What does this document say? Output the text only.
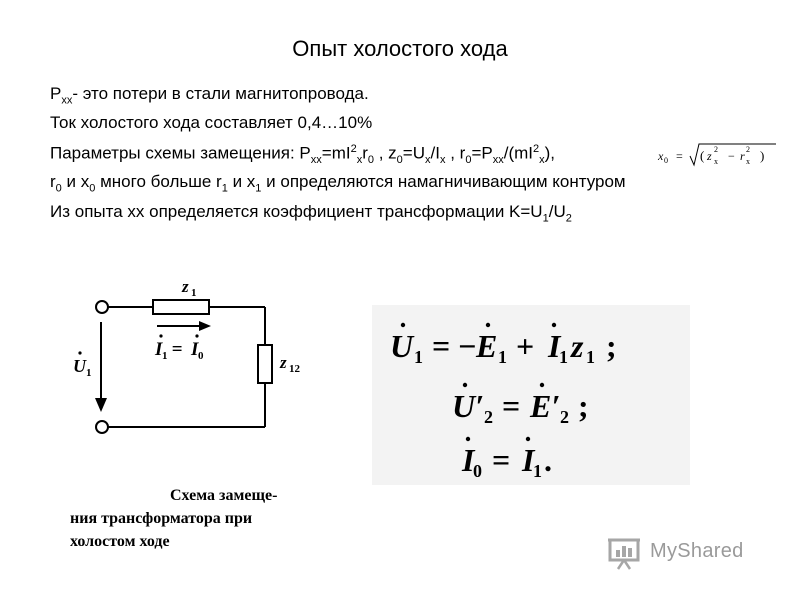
Опыт холостого хода
$P_{хх}-$ это потери в стали магнитопровода.
Ток холостого хода составляет 0,4…10%
Параметры схемы замещения: $Р_{хх}=mI^2_хr_0$ , $z_0=U_x/I_x$ , $r_0=P_{xx}/(mI^2_x)$,	x 0 = ( z 2
x − r 2
x )
$r_0$ и $x_0$ много больше $r_1$ и $x_1$ и определяются намагничивающим контуром
Из опыта хх определяется коэффициент трансформации $K=U_1/U_2$
z 1
z 12
U 1
I 1 = I 0
Схема замеще-
ния трансформатора при
холостом ходе
U 1 = − E 1 + I
1 z 1 ;
U′ 2 = E′ 2 ;
I
0 = I
1 .
MyShared
